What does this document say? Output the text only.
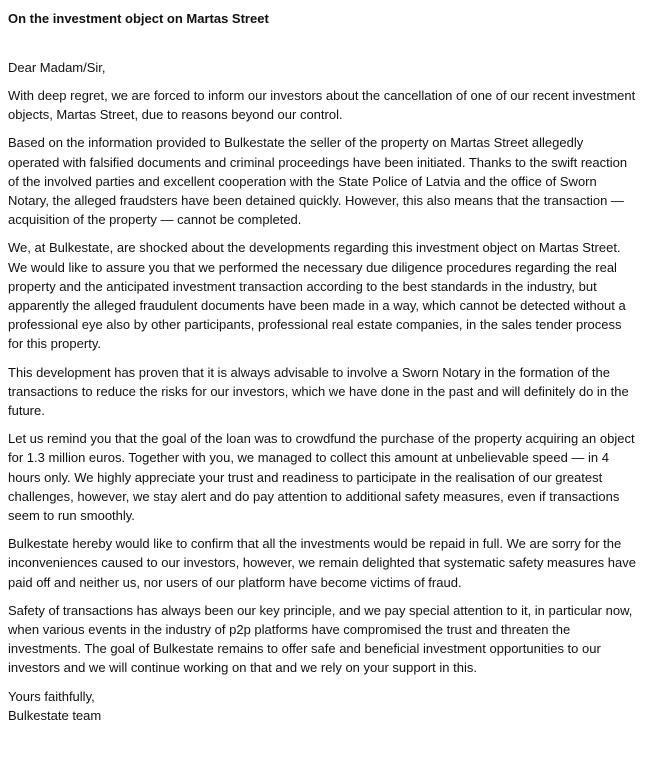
On the investment object on Martas Street
Dear Madam/Sir,
With deep regret, we are forced to inform our investors about the cancellation of one of our recent investment objects, Martas Street, due to reasons beyond our control.
Based on the information provided to Bulkestate the seller of the property on Martas Street allegedly operated with falsified documents and criminal proceedings have been initiated. Thanks to the swift reaction of the involved parties and excellent cooperation with the State Police of Latvia and the office of Sworn Notary, the alleged fraudsters have been detained quickly. However, this also means that the transaction — acquisition of the property — cannot be completed.
We, at Bulkestate, are shocked about the developments regarding this investment object on Martas Street. We would like to assure you that we performed the necessary due diligence procedures regarding the real property and the anticipated investment transaction according to the best standards in the industry, but apparently the alleged fraudulent documents have been made in a way, which cannot be detected without a professional eye also by other participants, professional real estate companies, in the sales tender process for this property.
This development has proven that it is always advisable to involve a Sworn Notary in the formation of the transactions to reduce the risks for our investors, which we have done in the past and will definitely do in the future.
Let us remind you that the goal of the loan was to crowdfund the purchase of the property acquiring an object for 1.3 million euros. Together with you, we managed to collect this amount at unbelievable speed — in 4 hours only. We highly appreciate your trust and readiness to participate in the realisation of our greatest challenges, however, we stay alert and do pay attention to additional safety measures, even if transactions seem to run smoothly.
Bulkestate hereby would like to confirm that all the investments would be repaid in full. We are sorry for the inconveniences caused to our investors, however, we remain delighted that systematic safety measures have paid off and neither us, nor users of our platform have become victims of fraud.
Safety of transactions has always been our key principle, and we pay special attention to it, in particular now, when various events in the industry of p2p platforms have compromised the trust and threaten the investments. The goal of Bulkestate remains to offer safe and beneficial investment opportunities to our investors and we will continue working on that and we rely on your support in this.
Yours faithfully,
Bulkestate team
